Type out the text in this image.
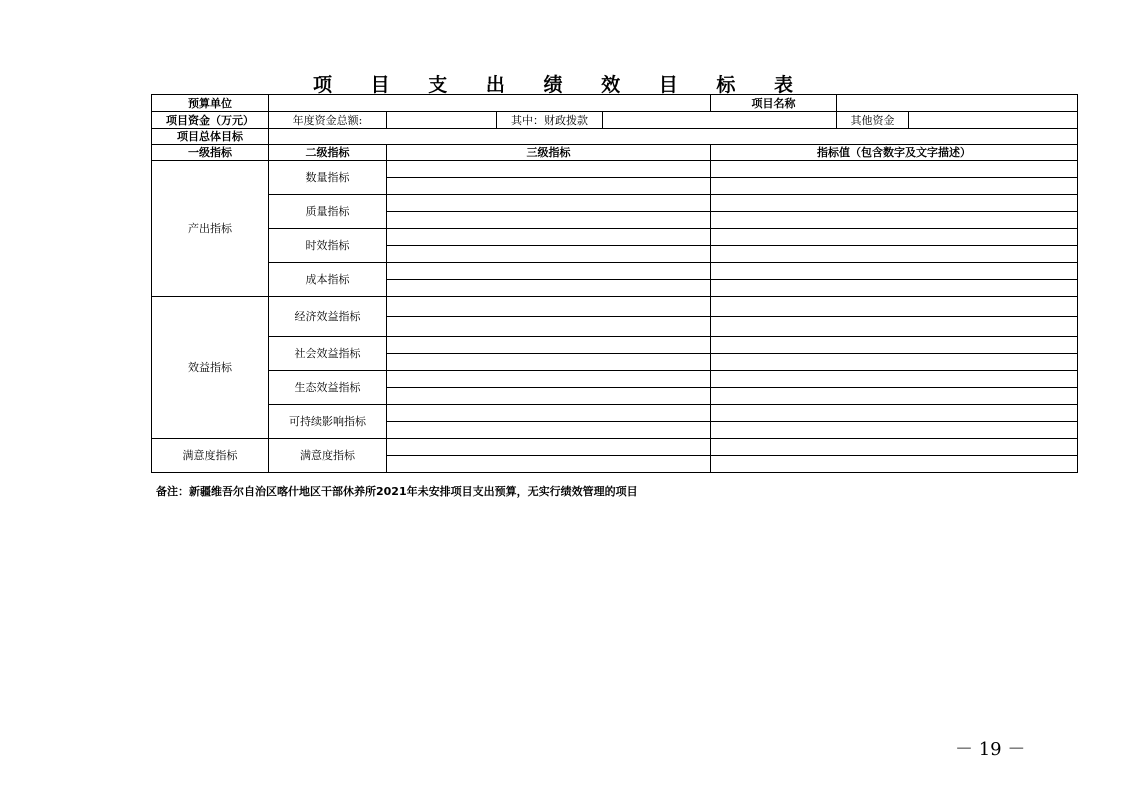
项 目 支 出 绩 效 目 标 表
预算单位					项目名称		
项目资金（万元）	年度资金总额:		其中：财政拨款			其他资金	
项目总体目标							
一级指标	二级指标	三级指标			指标值（包含数字及文字描述）		
产出指标	数量指标						

	质量指标						

	时效指标						

	成本指标						

效益指标	经济效益指标						

	社会效益指标						

	生态效益指标						

	可持续影响指标						

满意度指标	满意度指标						

备注：新疆维吾尔自治区喀什地区干部休养所2021年未安排项目支出预算，无实行绩效管理的项目
－ 19 －
